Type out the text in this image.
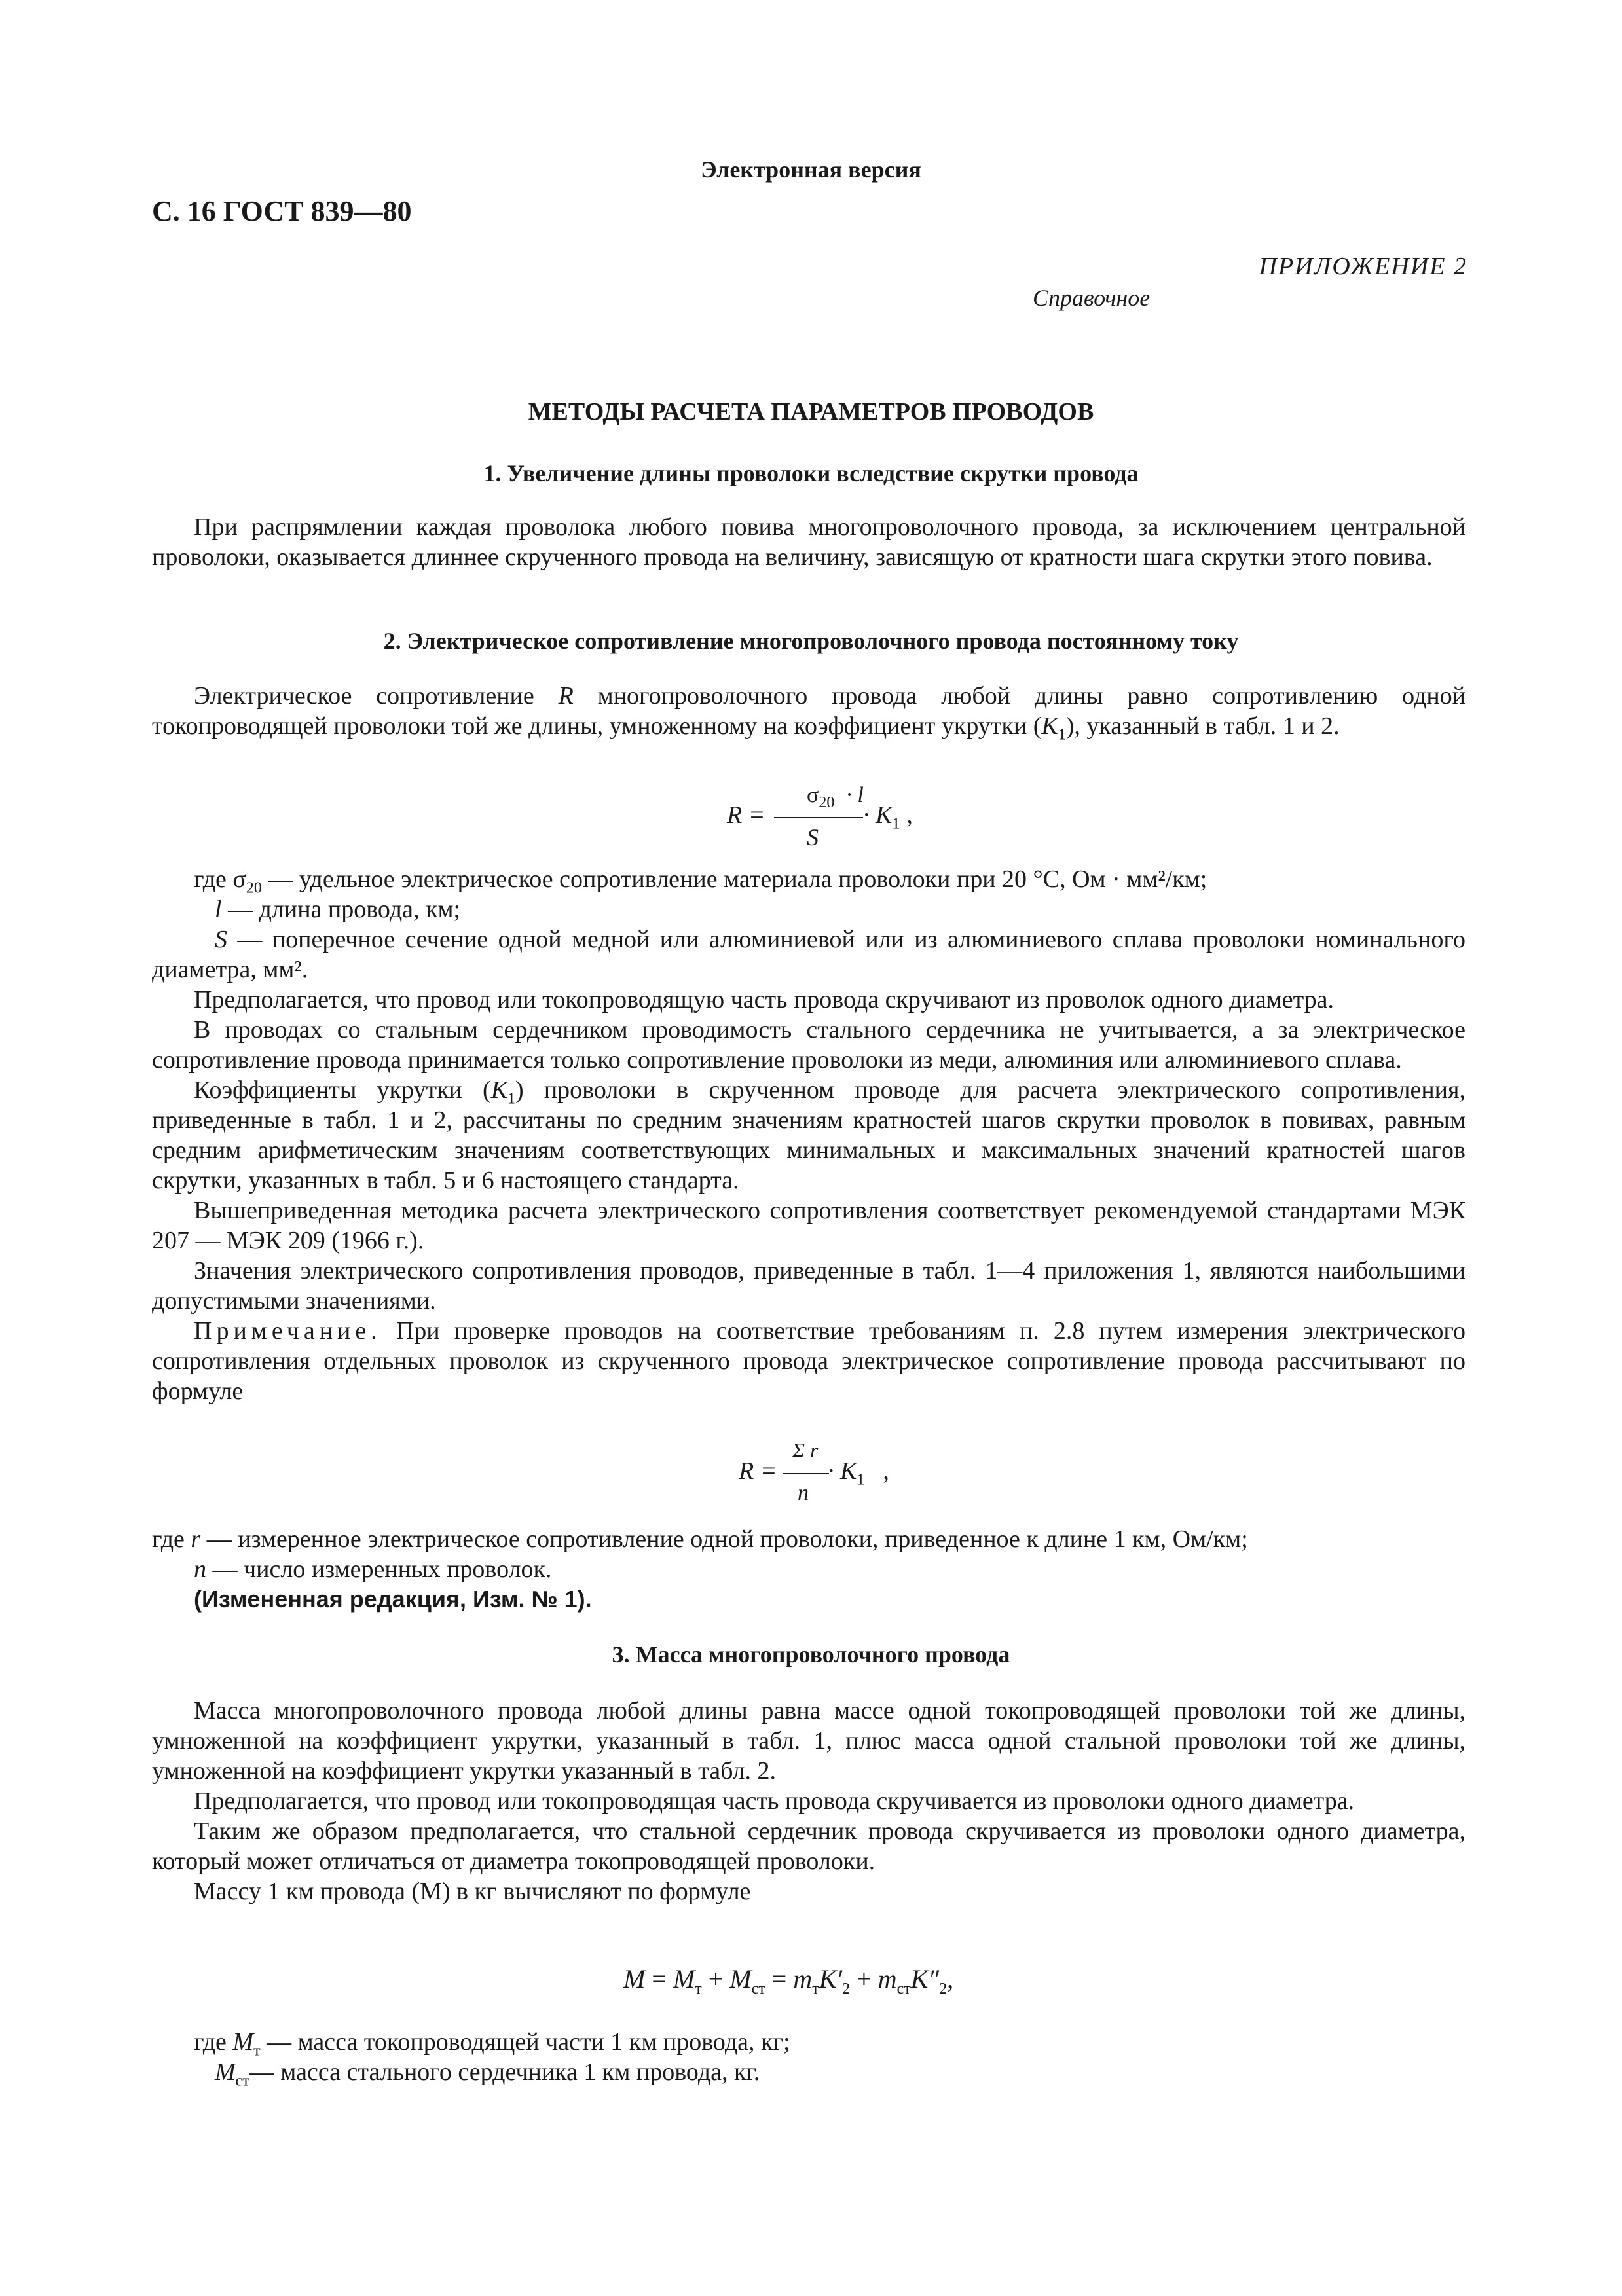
Электронная версия
С. 16 ГОСТ 839—80
ПРИЛОЖЕНИЕ 2
Справочное
МЕТОДЫ РАСЧЕТА ПАРАМЕТРОВ ПРОВОДОВ
1. Увеличение длины проволоки вследствие скрутки провода

При распрямлении каждая проволока любого повива многопроволочного провода, за исключением центральной проволоки, оказывается длиннее скрученного провода на величину, зависящую от кратности шага скрутки этого повива.

2. Электрическое сопротивление многопроволочного провода постоянному току

Электрическое сопротивление R многопроволочного провода любой длины равно сопротивлению одной токопроводящей проволоки той же длины, умноженному на коэффициент укрутки $(K_1)$, указанный в табл. 1 и 2.

R =
$\sigma_{20} \cdot l$
S
· $K_1$ ,

где $\sigma_{20}$ — удельное электрическое сопротивление материала проволоки при 20 °C, Ом · мм²/км;

l — длина провода, км;

S — поперечное сечение одной медной или алюминиевой или из алюминиевого сплава проволоки номинального диаметра, мм².

Предполагается, что провод или токопроводящую часть провода скручивают из проволок одного диаметра.

В проводах со стальным сердечником проводимость стального сердечника не учитывается, а за электрическое сопротивление провода принимается только сопротивление проволоки из меди, алюминия или алюминиевого сплава.

Коэффициенты укрутки $(K_1)$ проволоки в скрученном проводе для расчета электрического сопротивления, приведенные в табл. 1 и 2, рассчитаны по средним значениям кратностей шагов скрутки проволок в повивах, равным средним арифметическим значениям соответствующих минимальных и максимальных значений кратностей шагов скрутки, указанных в табл. 5 и 6 настоящего стандарта.

Вышеприведенная методика расчета электрического сопротивления соответствует рекомендуемой стандартами МЭК 207 — МЭК 209 (1966 г.).

Значения электрического сопротивления проводов, приведенные в табл. 1—4 приложения 1, являются наибольшими допустимыми значениями.

Примечание. При проверке проводов на соответствие требованиям п. 2.8 путем измерения электрического сопротивления отдельных проволок из скрученного провода электрическое сопротивление провода рассчитывают по формуле

R =
Σ r
n
· $K_1$ ,

где r — измеренное электрическое сопротивление одной проволоки, приведенное к длине 1 км, Ом/км;

n — число измеренных проволок.

(Измененная редакция, Изм. № 1).

3. Масса многопроволочного провода

Масса многопроволочного провода любой длины равна массе одной токопроводящей проволоки той же длины, умноженной на коэффициент укрутки, указанный в табл. 1, плюс масса одной стальной проволоки той же длины, умноженной на коэффициент укрутки указанный в табл. 2.

Предполагается, что провод или токопроводящая часть провода скручивается из проволоки одного диаметра.

Таким же образом предполагается, что стальной сердечник провода скручивается из проволоки одного диаметра, который может отличаться от диаметра токопроводящей проволоки.

Массу 1 км провода (М) в кг вычисляют по формуле

$M = M_т + M_{ст} = m_тK'_2 + m_{ст}K''_2$,

где $M_т$ — масса токопроводящей части 1 км провода, кг;

$M_{ст}—$ масса стального сердечника 1 км провода, кг.
